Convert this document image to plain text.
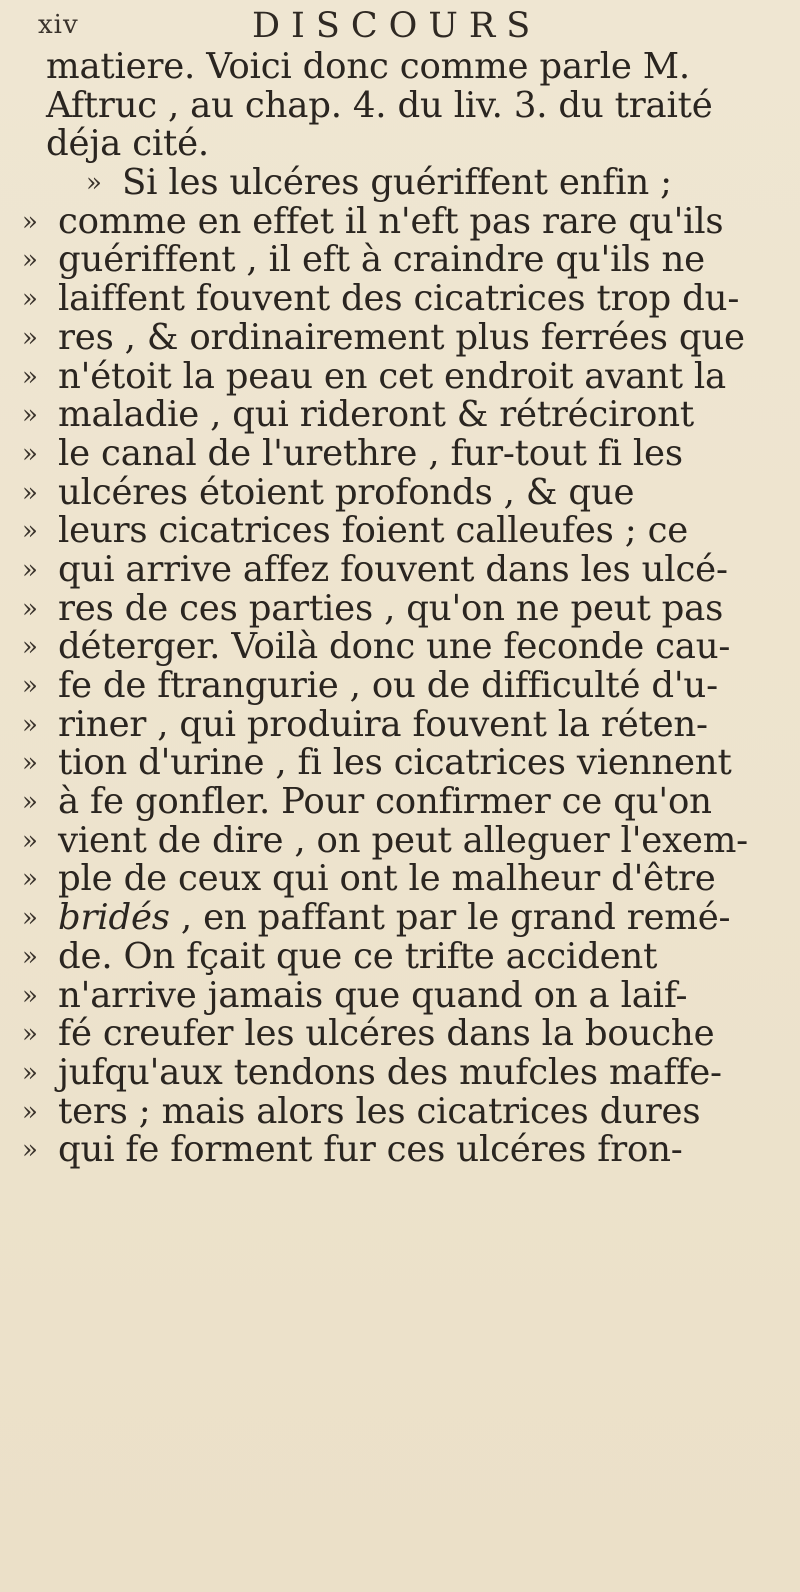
xiv	DISCOURS
matiere. Voici donc comme parle M.
Aftruc , au chap. 4. du liv. 3. du traité
déja cité.
» Si les ulcéres guériffent enfin ;
» comme en effet il n'eft pas rare qu'ils
» guériffent , il eft à craindre qu'ils ne
» laiffent fouvent des cicatrices trop du-
» res , & ordinairement plus ferrées que
» n'étoit la peau en cet endroit avant la
» maladie , qui rideront & rétréciront
» le canal de l'urethre , fur-tout fi les
» ulcéres étoient profonds , & que
» leurs cicatrices foient calleufes ; ce
» qui arrive affez fouvent dans les ulcé-
» res de ces parties , qu'on ne peut pas
» déterger. Voilà donc une feconde cau-
» fe de ftrangurie , ou de difficulté d'u-
» riner , qui produira fouvent la réten-
» tion d'urine , fi les cicatrices viennent
» à fe gonfler. Pour confirmer ce qu'on
» vient de dire , on peut alleguer l'exem-
» ple de ceux qui ont le malheur d'être
» bridés , en paffant par le grand remé-
» de. On fçait que ce trifte accident
» n'arrive jamais que quand on a laif-
» fé creufer les ulcéres dans la bouche
» jufqu'aux tendons des mufcles maffe-
» ters ; mais alors les cicatrices dures
» qui fe forment fur ces ulcéres fron-
